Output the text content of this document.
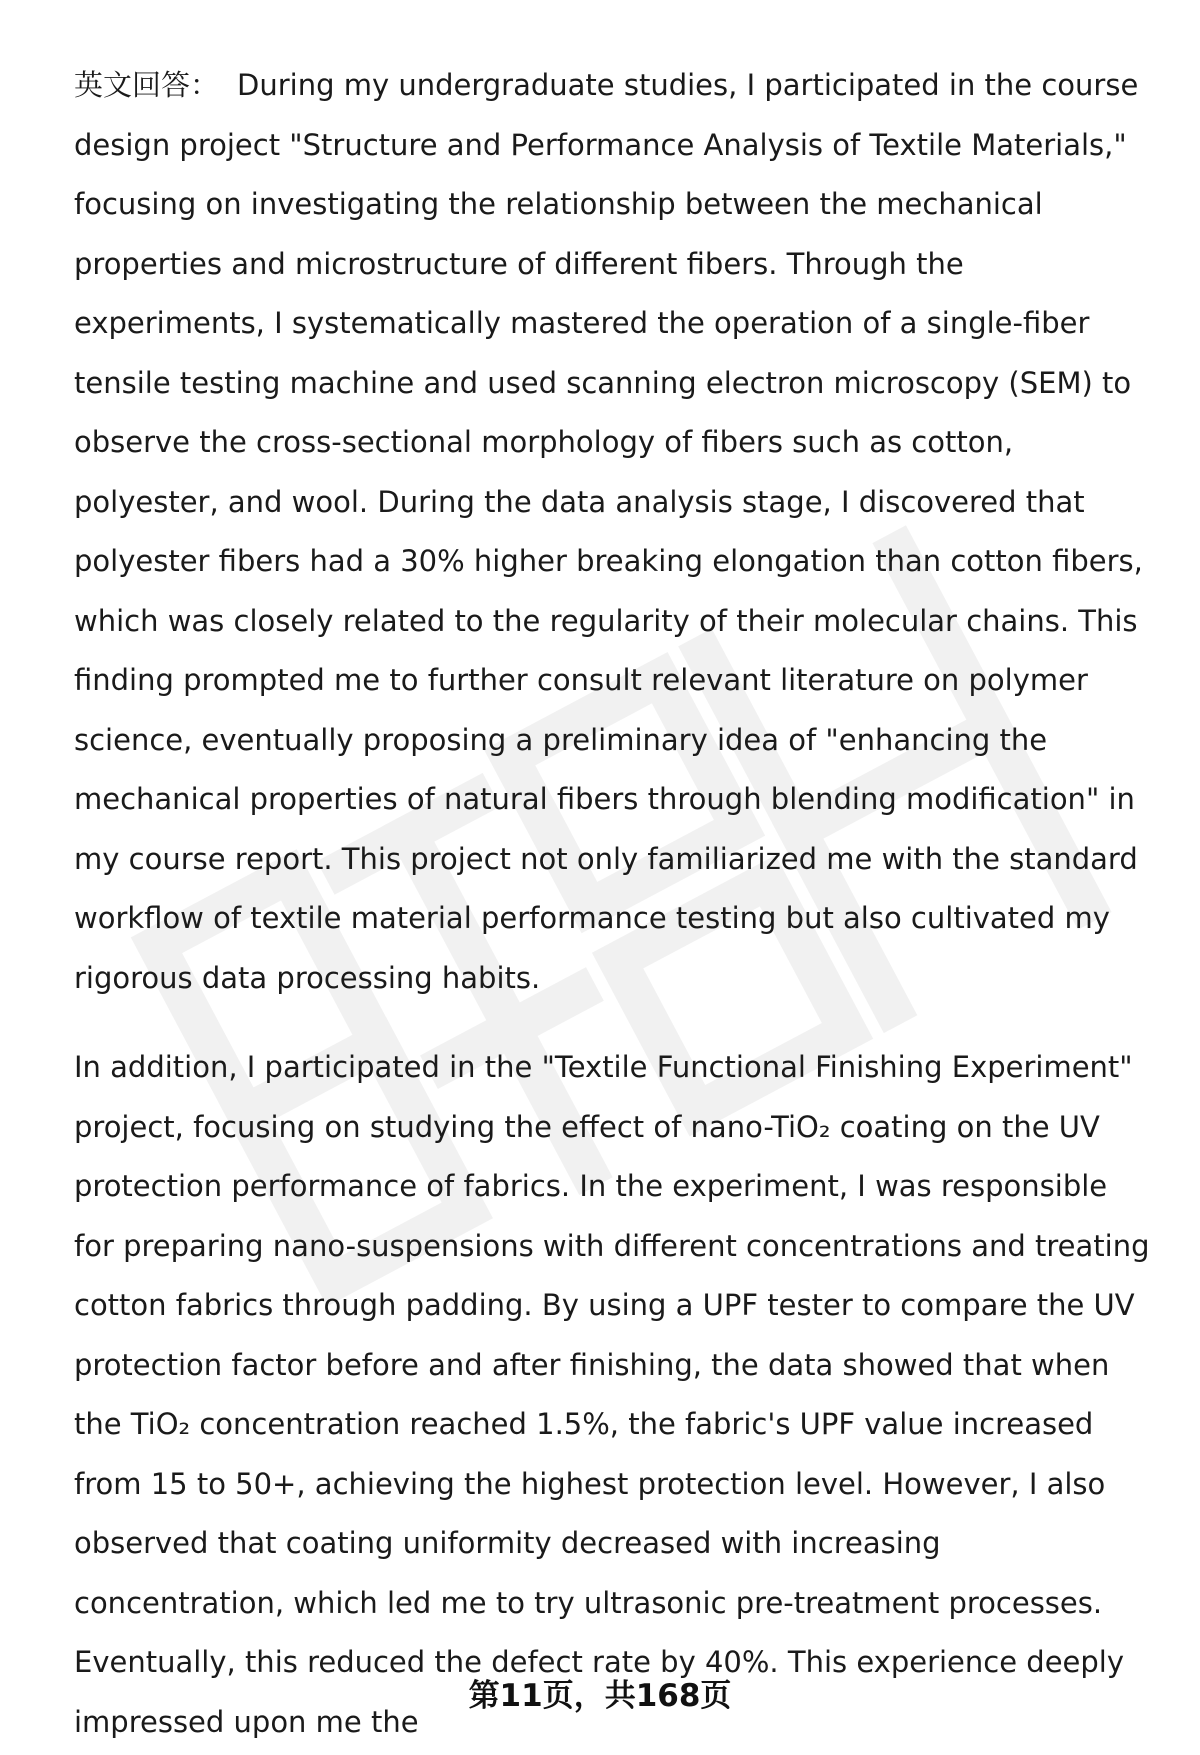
英文回答： During my undergraduate studies, I participated in the course design project "Structure and Performance Analysis of Textile Materials," focusing on investigating the relationship between the mechanical properties and microstructure of different fibers. Through the experiments, I systematically mastered the operation of a single-fiber tensile testing machine and used scanning electron microscopy (SEM) to observe the cross-sectional morphology of fibers such as cotton, polyester, and wool. During the data analysis stage, I discovered that polyester fibers had a 30% higher breaking elongation than cotton fibers, which was closely related to the regularity of their molecular chains. This finding prompted me to further consult relevant literature on polymer science, eventually proposing a preliminary idea of "enhancing the mechanical properties of natural fibers through blending modification" in my course report. This project not only familiarized me with the standard workflow of textile material performance testing but also cultivated my rigorous data processing habits.

In addition, I participated in the "Textile Functional Finishing Experiment" project, focusing on studying the effect of nano-TiO₂ coating on the UV protection performance of fabrics. In the experiment, I was responsible for preparing nano-suspensions with different concentrations and treating cotton fabrics through padding. By using a UPF tester to compare the UV protection factor before and after finishing, the data showed that when the TiO₂ concentration reached 1.5%, the fabric's UPF value increased from 15 to 50+, achieving the highest protection level. However, I also observed that coating uniformity decreased with increasing concentration, which led me to try ultrasonic pre-treatment processes. Eventually, this reduced the defect rate by 40%. This experience deeply impressed upon me the

第11页，共168页
